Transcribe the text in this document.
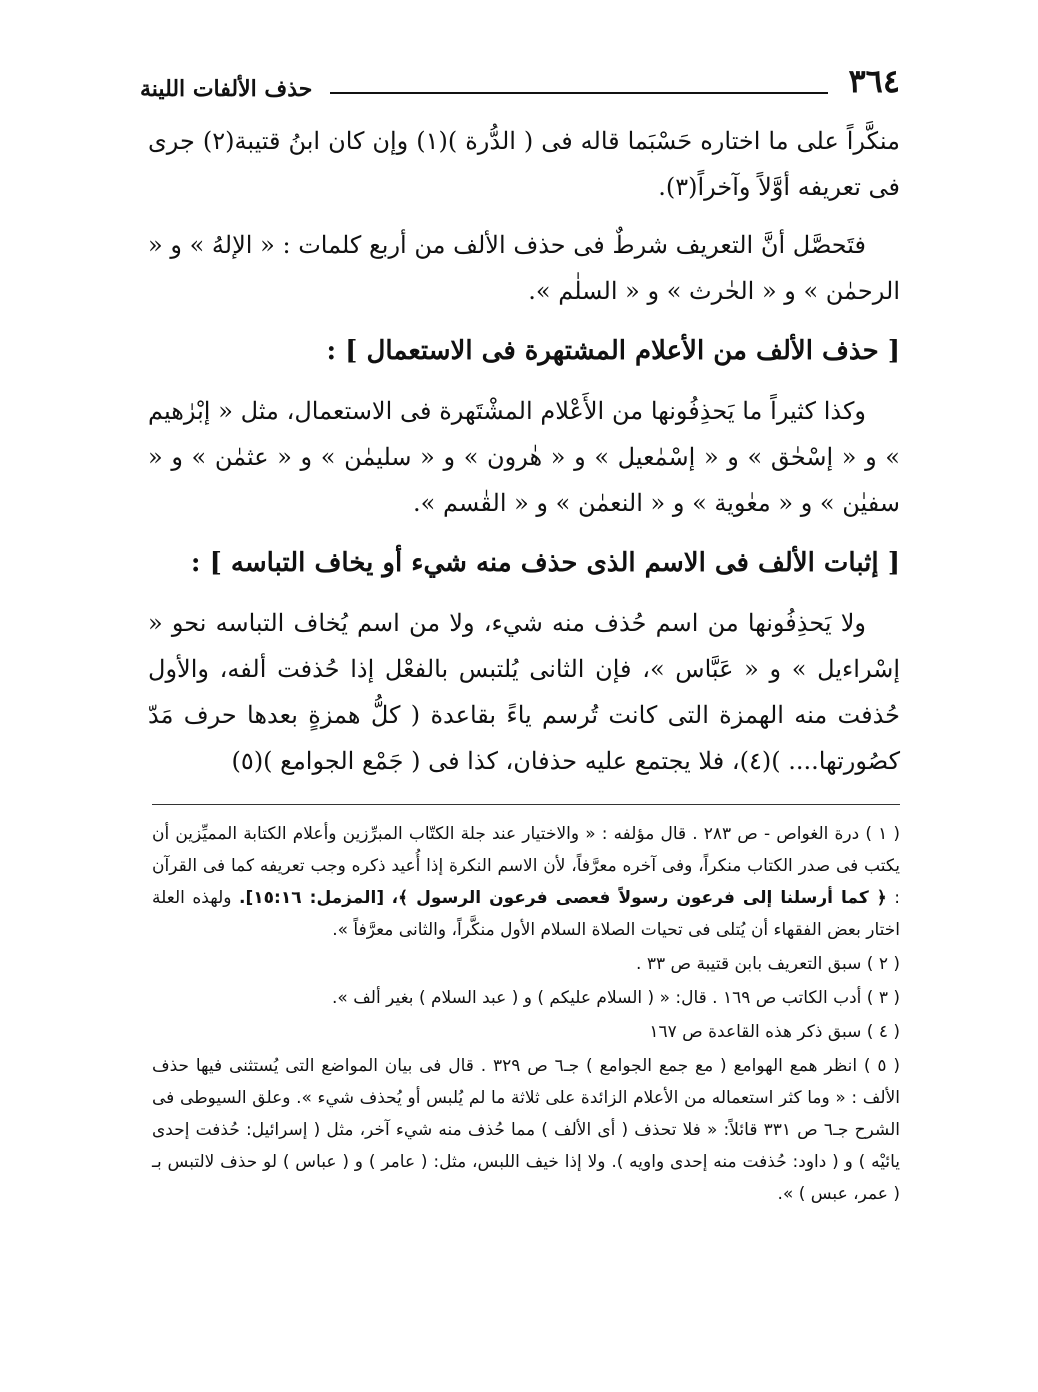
٣٦٤
حذف الألفات اللينة

منكَّراً على ما اختاره حَسْبَما قاله فى ( الدُّرة )(١) وإن كان ابنُ قتيبة(٢) جرى فى تعريفه أوَّلاً وآخراً(٣).

فتَحصَّل أنَّ التعريف شرطٌ فى حذف الألف من أربع كلمات : « الإلهُ » و « الرحمٰن » و « الحٰرث » و « السلٰم ».

[ حذف الألف من الأعلام المشتهرة فى الاستعمال ] :

وكذا كثيراً ما يَحذِفُونها من الأَعْلام المشْتَهرة فى الاستعمال، مثل « إبْرٰهيم » و « إسْحٰق » و « إسْمٰعيل » و « هٰرون » و « سليمٰن » و « عثمٰن » و « سفيٰن » و « معٰوية » و « النعمٰن » و « القٰسم ».

[ إثبات الألف فى الاسم الذى حذف منه شيء أو يخاف التباسه ] :

ولا يَحذِفُونها من اسم حُذف منه شيء، ولا من اسم يُخاف التباسه نحو « إسْراءيل » و « عَبَّاس »، فإن الثانى يُلتبس بالفعْل إذا حُذفت ألفه، والأول حُذفت منه الهمزة التى كانت تُرسم ياءً بقاعدة ( كلُّ همزةٍ بعدها حرف مَدّ كصُورتها.... )(٤)، فلا يجتمع عليه حذفان، كذا فى ( جَمْع الجوامع )(٥)

( ١ ) درة الغواص - ص ٢٨٣ . قال مؤلفه : « والاختيار عند جلة الكتّاب المبرِّزين وأعلام الكتابة المميِّزين أن يكتب فى صدر الكتاب منكراً، وفى آخره معرَّفاً، لأن الاسم النكرة إذا أُعيد ذكره وجب تعريفه كما فى القرآن : ﴿ كما أرسلنا إلى فرعون رسولاً فعصى فرعون الرسول ﴾، [المزمل: ١٥:١٦]. ولهذه العلة اختار بعض الفقهاء أن يُتلى فى تحيات الصلاة السلام الأول منكَّراً، والثانى معرَّفاً ».

( ٢ ) سبق التعريف بابن قتيبة ص ٣٣ .

( ٣ ) أدب الكاتب ص ١٦٩ . قال: « ( السلام عليكم ) و ( عبد السلام ) بغير ألف ».

( ٤ ) سبق ذكر هذه القاعدة ص ١٦٧

( ٥ ) انظر همع الهوامع ( مع جمع الجوامع ) جـ٦ ص ٣٢٩ . قال فى بيان المواضع التى يُستثنى فيها حذف الألف : « وما كثر استعماله من الأعلام الزائدة على ثلاثة ما لم يُلبس أو يُحذف شيء ». وعلق السيوطى فى الشرح جـ٦ ص ٣٣١ قائلاً: « فلا تحذف ( أى الألف ) مما حُذف منه شيء آخر، مثل ( إسرائيل: حُذفت إحدى يائيْه ) و ( داود: حُذفت منه إحدى واويه ). ولا إذا خيف اللبس، مثل: ( عامر ) و ( عباس ) لو حذف لالتبس بـ ( عمر، عبس ) ».
